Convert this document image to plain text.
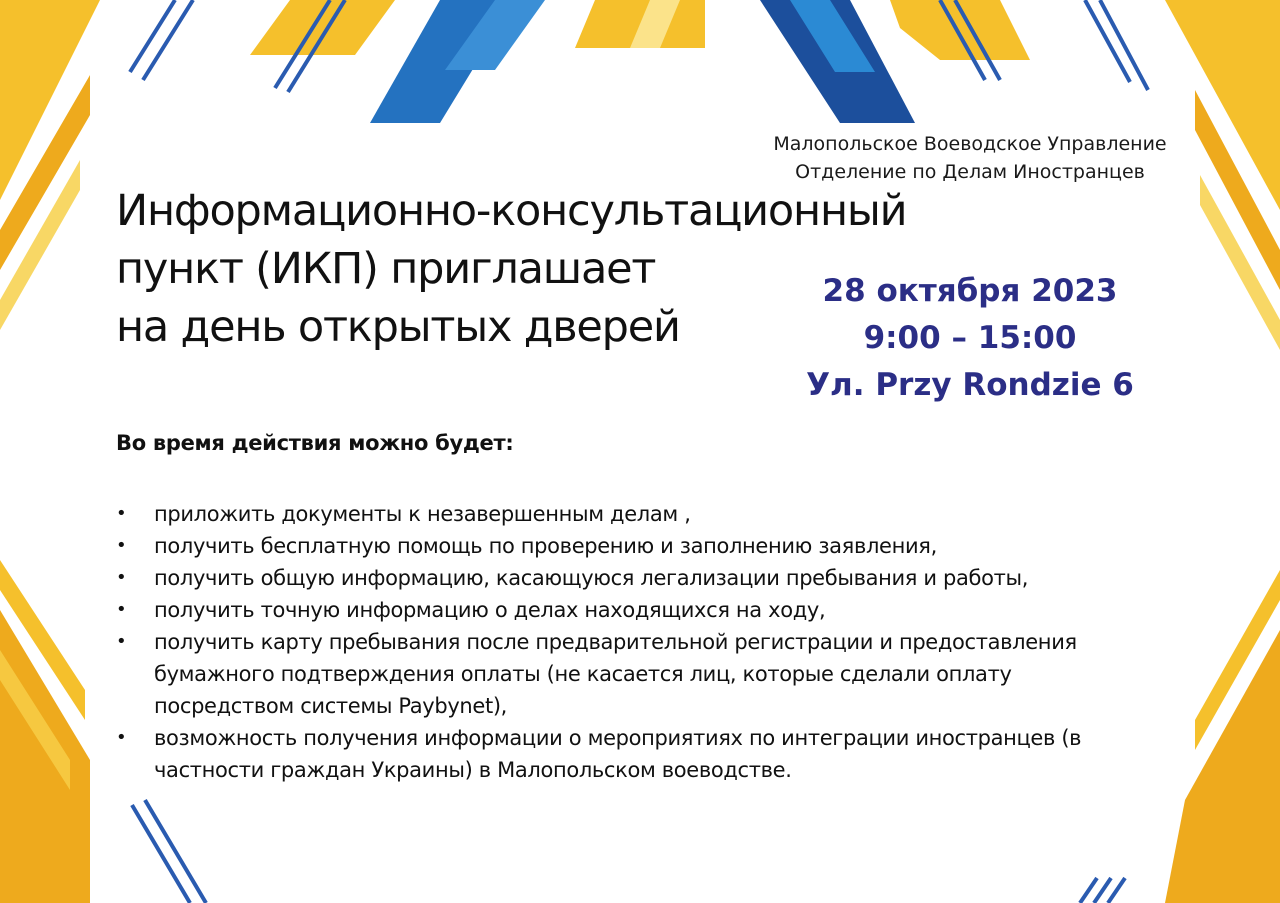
Малопольское Воеводское Управление
Отделение по Делам Иностранцев
Информационно-консультационный
пункт (ИКП) приглашает
на день открытых дверей
28 октября 2023
9:00 – 15:00
Ул. Przy Rondzie 6
Во время действия можно будет:
• приложить документы к незавершенным делам ,
• получить бесплатную помощь по проверению и заполнению заявления,
• получить общую информацию, касающуюся легализации пребывания и работы,
• получить точную информацию о делах находящихся на ходу,
• получить карту пребывания после предварительной регистрации и предоставления
бумажного подтверждения оплаты (не касается лиц, которые сделали оплату
посредством системы Paybynet),
• возможность получения информации о мероприятиях по интеграции иностранцев (в
частности граждан Украины) в Малопольском воеводстве.
